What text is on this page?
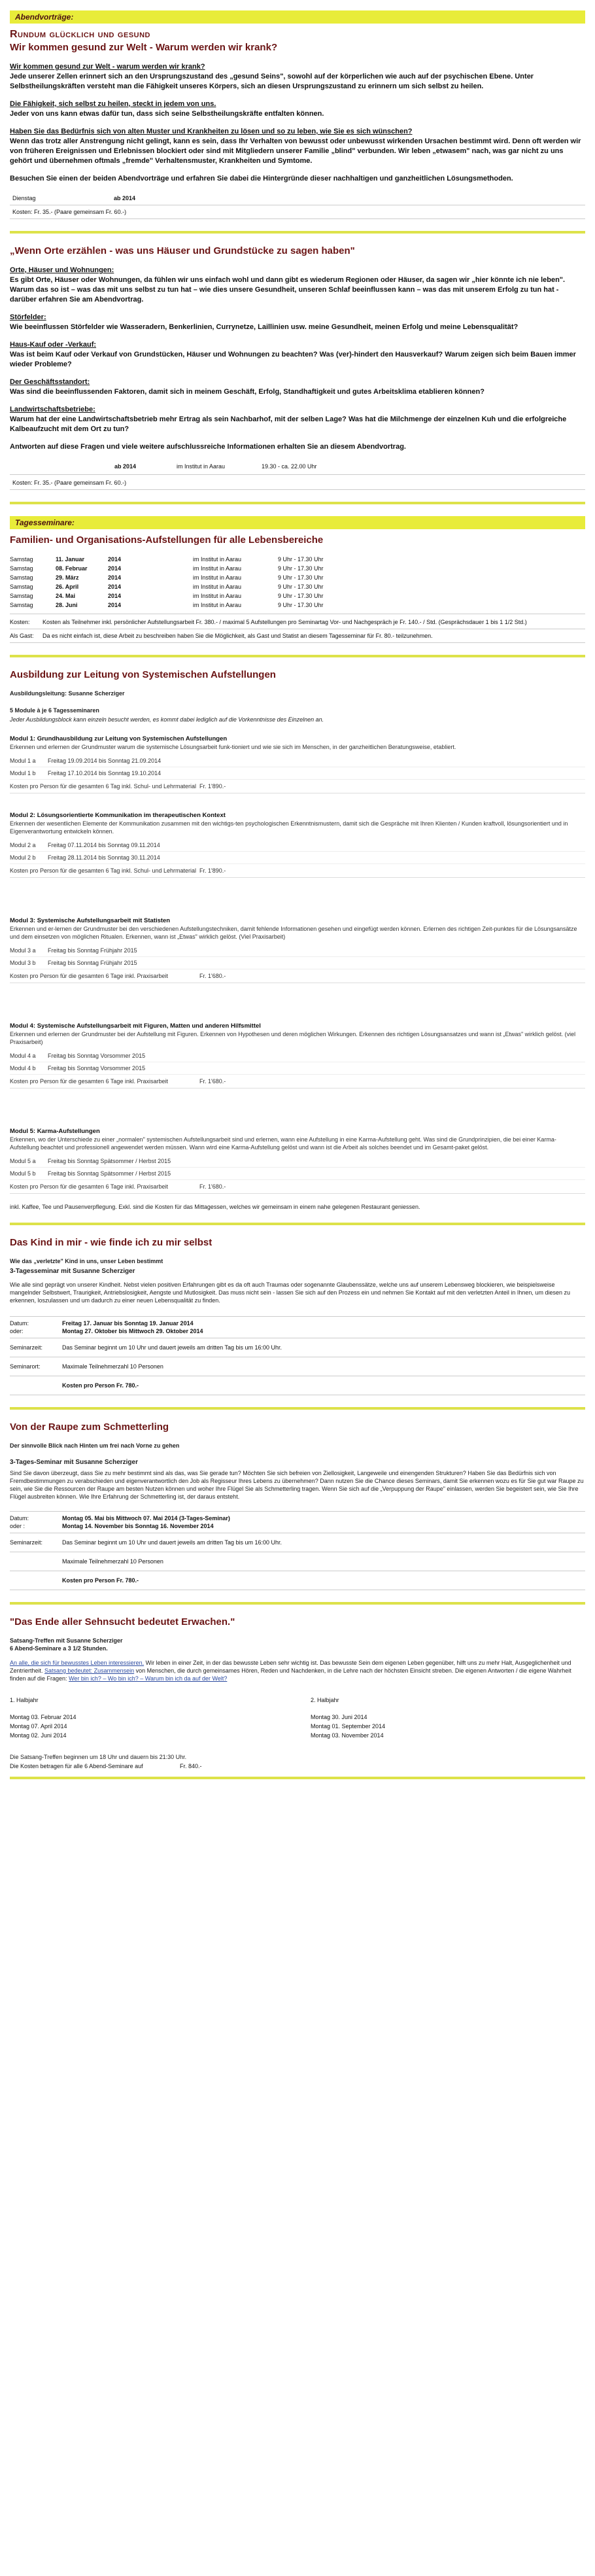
Abendvorträge:
Rundum glücklich und gesund
Wir kommen gesund zur Welt - Warum werden wir krank?
Wir kommen gesund zur Welt - warum werden wir krank?
Jede unserer Zellen erinnert sich an den Ursprungszustand des „gesund Seins", sowohl auf der körperlichen wie auch auf der psychischen Ebene. Unter Selbstheilungskräften versteht man die Fähigkeit unseres Körpers, sich an diesen Ursprungszustand zu erinnern um sich selbst zu heilen.
Die Fähigkeit, sich selbst zu heilen, steckt in jedem von uns.
Jeder von uns kann etwas dafür tun, dass sich seine Selbstheilungskräfte entfalten können.
Haben Sie das Bedürfnis sich von alten Muster und Krankheiten zu lösen und so zu leben, wie Sie es sich wünschen?
Wenn das trotz aller Anstrengung nicht gelingt, kann es sein, dass Ihr Verhalten von bewusst oder unbewusst wirkenden Ursachen bestimmt wird. Denn oft werden wir von früheren Ereignissen und Erlebnissen blockiert oder sind mit Mitgliedern unserer Familie „blind" verbunden. Wir leben „etwasem" nach, was gar nicht zu uns gehört und übernehmen oftmals „fremde" Verhaltensmuster, Krankheiten und Symtome.
Besuchen Sie einen der beiden Abendvorträge und erfahren Sie dabei die Hintergründe dieser nachhaltigen und ganzheitlichen Lösungsmethoden.
Dienstag	ab 2014
Kosten: Fr. 35.- (Paare gemeinsam Fr. 60.-)
„Wenn Orte erzählen - was uns Häuser und Grundstücke zu sagen haben"
Orte, Häuser und Wohnungen:
Es gibt Orte, Häuser oder Wohnungen, da fühlen wir uns einfach wohl und dann gibt es wiederum Regionen oder Häuser, da sagen wir „hier könnte ich nie leben". Warum das so ist – was das mit uns selbst zu tun hat – wie dies unsere Gesundheit, unseren Schlaf beeinflussen kann – was das mit unserem Erfolg zu tun hat - darüber erfahren Sie am Abendvortrag.
Störfelder:
Wie beeinflussen Störfelder wie Wasseradern, Benkerlinien, Currynetze, Laillinien usw. meine Gesundheit, meinen Erfolg und meine Lebensqualität?
Haus-Kauf oder -Verkauf:
Was ist beim Kauf oder Verkauf von Grundstücken, Häuser und Wohnungen zu beachten? Was (ver)-hindert den Hausverkauf? Warum zeigen sich beim Bauen immer wieder Probleme?
Der Geschäftsstandort:
Was sind die beeinflussenden Faktoren, damit sich in meinem Geschäft, Erfolg, Standhaftigkeit und gutes Arbeitsklima etablieren können?
Landwirtschaftsbetriebe:
Warum hat der eine Landwirtschaftsbetrieb mehr Ertrag als sein Nachbarhof, mit der selben Lage? Was hat die Milchmenge der einzelnen Kuh und die erfolgreiche Kalbeaufzucht mit dem Ort zu tun?
Antworten auf diese Fragen und viele weitere aufschlussreiche Informationen erhalten Sie an diesem Abendvortrag.
ab 2014	im Institut in Aarau	19.30 - ca. 22.00 Uhr
Kosten: Fr. 35.- (Paare gemeinsam Fr. 60.-)
Tagesseminare:
Familien- und Organisations-Aufstellungen für alle Lebensbereiche
Samstag	11. Januar	2014	im Institut in Aarau	9 Uhr - 17.30 Uhr
Samstag	08. Februar	2014	im Institut in Aarau	9 Uhr - 17.30 Uhr
Samstag	29. März	2014	im Institut in Aarau	9 Uhr - 17.30 Uhr
Samstag	26. April	2014	im Institut in Aarau	9 Uhr - 17.30 Uhr
Samstag	24. Mai	2014	im Institut in Aarau	9 Uhr - 17.30 Uhr
Samstag	28. Juni	2014	im Institut in Aarau	9 Uhr - 17.30 Uhr
Kosten:	Kosten als Teilnehmer inkl. persönlicher Aufstellungsarbeit Fr. 380.- / maximal 5 Aufstellungen pro Seminartag Vor- und Nachgespräch je Fr. 140.- / Std. (Gesprächsdauer 1 bis 1 1/2 Std.)
Als Gast:	Da es nicht einfach ist, diese Arbeit zu beschreiben haben Sie die Möglichkeit, als Gast und Statist an diesem Tagesseminar für Fr. 80.- teilzunehmen.
Ausbildung zur Leitung von Systemischen Aufstellungen

Ausbildungsleitung: Susanne Scherziger

5 Module à je 6 Tagesseminaren

Jeder Ausbildungsblock kann einzeln besucht werden, es kommt dabei lediglich auf die Vorkenntnisse des Einzelnen an.

Modul 1: Grundhausbildung zur Leitung von Systemischen Aufstellungen

Erkennen und erlernen der Grundmuster warum die systemische Lösungsarbeit funk-tioniert und wie sie sich im Menschen, in der ganzheitlichen Beratungsweise, etabliert.

Modul 1 a	Freitag 19.09.2014 bis Sonntag 21.09.2014
Modul 1 b	Freitag 17.10.2014 bis Sonntag 19.10.2014
Kosten pro Person für die gesamten 6 Tag inkl. Schul- und Lehrmaterial Fr. 1'890.-

Modul 2: Lösungsorientierte Kommunikation im therapeutischen Kontext

Erkennen der wesentlichen Elemente der Kommunikation zusammen mit den wichtigs-ten psychologischen Erkenntnismustern, damit sich die Gespräche mit Ihren Klienten / Kunden kraftvoll, lösungsorientiert und in Eigenverantwortung entwickeln können.

Modul 2 a	Freitag 07.11.2014 bis Sonntag 09.11.2014
Modul 2 b	Freitag 28.11.2014 bis Sonntag 30.11.2014
Kosten pro Person für die gesamten 6 Tag inkl. Schul- und Lehrmaterial Fr. 1'890.-

Modul 3: Systemische Aufstellungsarbeit mit Statisten

Erkennen und er-lernen der Grundmuster bei den verschiedenen Aufstellungstechniken, damit fehlende Informationen gesehen und eingefügt werden können. Erlernen des richtigen Zeit-punktes für die Lösungsansätze und dem einsetzen von möglichen Ritualen. Erkennen, wann ist „Etwas" wirklich gelöst. (Viel Praxisarbeit)

Modul 3 a	Freitag bis Sonntag Frühjahr 2015
Modul 3 b	Freitag bis Sonntag Frühjahr 2015
Kosten pro Person für die gesamten 6 Tage inkl. Praxisarbeit	Fr. 1'680.-

Modul 4: Systemische Aufstellungsarbeit mit Figuren, Matten und anderen Hilfsmittel

Erkennen und erlernen der Grundmuster bei der Aufstellung mit Figuren. Erkennen von Hypothesen und deren möglichen Wirkungen. Erkennen des richtigen Lösungsansatzes und wann ist „Etwas" wirklich gelöst. (viel Praxisarbeit)

Modul 4 a	Freitag bis Sonntag Vorsommer 2015
Modul 4 b	Freitag bis Sonntag Vorsommer 2015
Kosten pro Person für die gesamten 6 Tage inkl. Praxisarbeit	Fr. 1'680.-

Modul 5: Karma-Aufstellungen

Erkennen, wo der Unterschiede zu einer „normalen" systemischen Aufstellungsarbeit sind und erlernen, wann eine Aufstellung in eine Karma-Aufstellung geht. Was sind die Grundprinzipien, die bei einer Karma-Aufstellung beachtet und professionell angewendet werden müssen. Wann wird eine Karma-Aufstellung gelöst und wann ist die Arbeit als solches beendet und im Gesamt-paket gelöst.

Modul 5 a	Freitag bis Sonntag Spätsommer / Herbst 2015
Modul 5 b	Freitag bis Sonntag Spätsommer / Herbst 2015
Kosten pro Person für die gesamten 6 Tage inkl. Praxisarbeit	Fr. 1'680.-

inkl. Kaffee, Tee und Pausenverpflegung. Exkl. sind die Kosten für das Mittagessen, welches wir gemeinsam in einem nahe gelegenen Restaurant geniessen.

Das Kind in mir - wie finde ich zu mir selbst

Wie das „verletzte" Kind in uns, unser Leben bestimmt

3-Tagesseminar mit Susanne Scherziger

Wie alle sind geprägt von unserer Kindheit. Nebst vielen positiven Erfahrungen gibt es da oft auch Traumas oder sogenannte Glaubenssätze, welche uns auf unserem Lebensweg blockieren, wie beispielsweise mangelnder Selbstwert, Traurigkeit, Antriebslosigkeit, Aengste und Mutlosigkeit. Das muss nicht sein - lassen Sie sich auf den Prozess ein und nehmen Sie Kontakt auf mit den verletzten Anteil in Ihnen, um diesen zu erkennen, loszulassen und um dadurch zu einer neuen Lebensqualität zu finden.

Datum:	Freitag 17. Januar bis Sonntag 19. Januar 2014
oder:	Montag 27. Oktober bis Mittwoch 29. Oktober 2014
Seminarzeit:	Das Seminar beginnt um 10 Uhr und dauert jeweils am dritten Tag bis um 16:00 Uhr.
Seminarort:	Maximale Teilnehmerzahl 10 Personen
Kosten pro Person Fr. 780.-
Von der Raupe zum Schmetterling

Der sinnvolle Blick nach Hinten um frei nach Vorne zu gehen

3-Tages-Seminar mit Susanne Scherziger

Sind Sie davon überzeugt, dass Sie zu mehr bestimmt sind als das, was Sie gerade tun? Möchten Sie sich befreien von Ziellosigkeit, Langeweile und einengenden Strukturen? Haben Sie das Bedürfnis sich von Fremdbestimmungen zu verabschieden und eigenverantwortlich den Job als Regisseur Ihres Lebens zu übernehmen? Dann nutzen Sie die Chance dieses Seminars, damit Sie erkennen wozu es für Sie gut war Raupe zu sein, wie Sie die Ressourcen der Raupe am besten Nutzen können und woher Ihre Flügel Sie als Schmetterling tragen. Wenn Sie sich auf die „Verpuppung der Raupe" einlassen, werden Sie begeistert sein, wie Sie Ihre Flügel ausbreiten können. Wie Ihre Erfahrung der Schmetterling ist, der daraus entsteht.

Datum:	Montag 05. Mai bis Mittwoch 07. Mai 2014 (3-Tages-Seminar)
oder :	Montag 14. November bis Sonntag 16. November 2014
Seminarzeit:	Das Seminar beginnt um 10 Uhr und dauert jeweils am dritten Tag bis um 16:00 Uhr.
Maximale Teilnehmerzahl 10 Personen
Kosten pro Person Fr. 780.-
"Das Ende aller Sehnsucht bedeutet Erwachen."

Satsang-Treffen mit Susanne Scherziger

6 Abend-Seminare a 3 1/2 Stunden.

An alle, die sich für bewusstes Leben interessieren. Wir leben in einer Zeit, in der das bewusste Leben sehr wichtig ist. Das bewusste Sein dem eigenen Leben gegenüber, hilft uns zu mehr Halt, Ausgeglichenheit und Zentriertheit. Satsang bedeutet: Zusammensein von Menschen, die durch gemeinsames Hören, Reden und Nachdenken, in die Lehre nach der höchsten Einsicht streben. Die eigenen Antworten / die eigene Wahrheit finden auf die Fragen: Wer bin ich? – Wo bin ich? – Warum bin ich da auf der Welt?

1. Halbjahr
Montag 03. Februar 2014
Montag 07. April 2014
Montag 02. Juni 2014
2. Halbjahr
Montag 30. Juni 2014
Montag 01. September 2014
Montag 03. November 2014

Die Satsang-Treffen beginnen um 18 Uhr und dauern bis 21:30 Uhr.

Die Kosten betragen für alle 6 Abend-Seminare auf	Fr. 840.-
